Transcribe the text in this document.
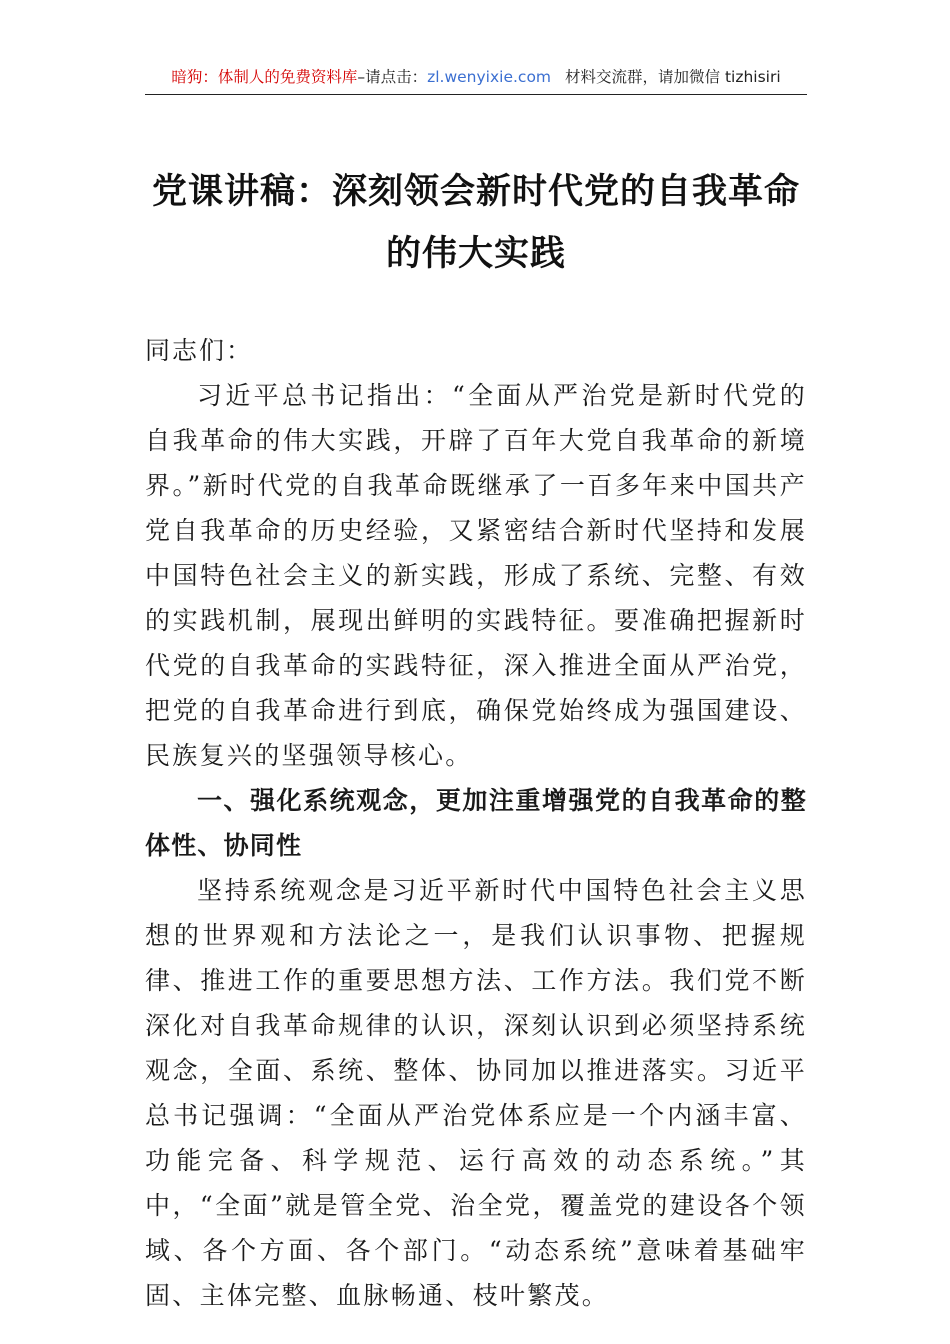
暗狗：体制人的免费资料库–请点击：zl.wenyixie.com 材料交流群，请加微信 tizhisiri
党课讲稿：深刻领会新时代党的自我革命
的伟大实践

同志们：

习近平总书记指出：“全面从严治党是新时代党的自我革命的伟大实践，开辟了百年大党自我革命的新境界。”新时代党的自我革命既继承了一百多年来中国共产党自我革命的历史经验，又紧密结合新时代坚持和发展中国特色社会主义的新实践，形成了系统、完整、有效的实践机制，展现出鲜明的实践特征。要准确把握新时代党的自我革命的实践特征，深入推进全面从严治党，把党的自我革命进行到底，确保党始终成为强国建设、民族复兴的坚强领导核心。

一、强化系统观念，更加注重增强党的自我革命的整体性、协同性

坚持系统观念是习近平新时代中国特色社会主义思想的世界观和方法论之一，是我们认识事物、把握规律、推进工作的重要思想方法、工作方法。我们党不断深化对自我革命规律的认识，深刻认识到必须坚持系统观念，全面、系统、整体、协同加以推进落实。习近平总书记强调：“全面从严治党体系应是一个内涵丰富、功能完备、科学规范、运行高效的动态系统。”其中，“全面”就是管全党、治全党，覆盖党的建设各个领域、各个方面、各个部门。“动态系统”意味着基础牢固、主体完整、血脉畅通、枝叶繁茂。
